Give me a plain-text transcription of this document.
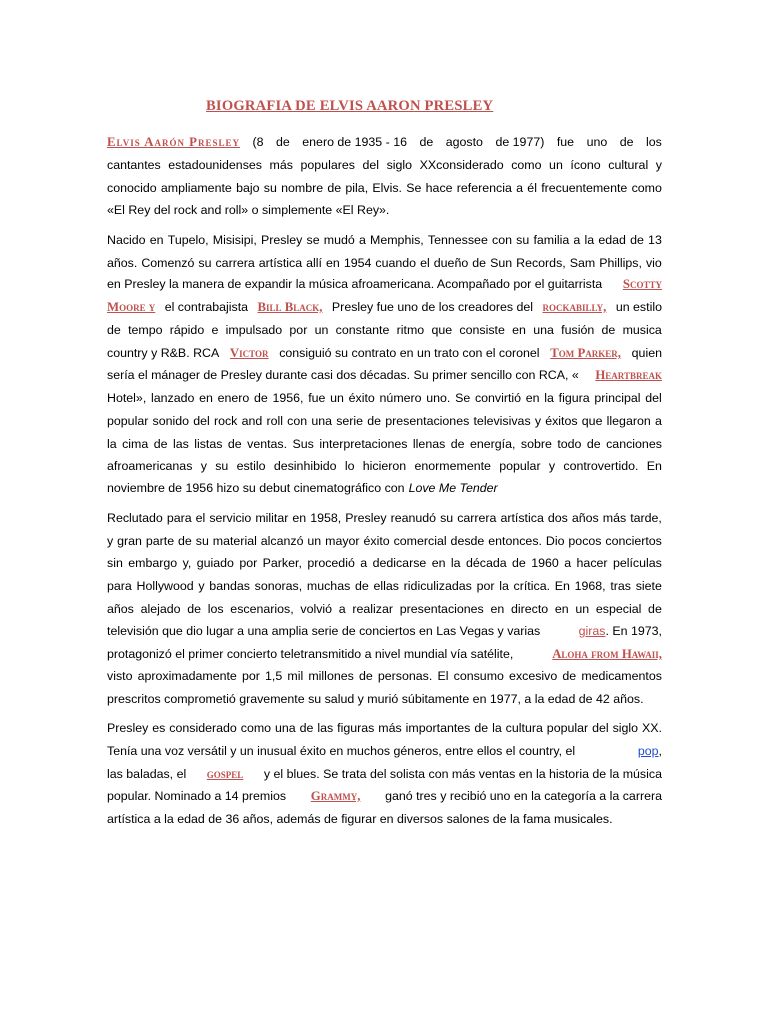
BIOGRAFIA DE ELVIS AARON PRESLEY
Elvis Aarón Presley (8 de enero de 1935 - 16 de agosto de 1977) fue uno de los
cantantes estadounidenses más populares del siglo XXconsiderado como un ícono cultural y
conocido ampliamente bajo su nombre de pila, Elvis. Se hace referencia a él frecuentemente como
«El Rey del rock and roll» o simplemente «El Rey».
Nacido en Tupelo, Misisipi, Presley se mudó a Memphis, Tennessee con su familia a la edad de 13
años. Comenzó su carrera artística allí en 1954 cuando el dueño de Sun Records, Sam Phillips, vio
en Presley la manera de expandir la música afroamericana. Acompañado por el guitarrista Scotty
Moore y el contrabajista Bill Black, Presley fue uno de los creadores del rockabilly, un estilo
de tempo rápido e impulsado por un constante ritmo que consiste en una fusión de musica
country y R&B. RCA Victor consiguió su contrato en un trato con el coronel Tom Parker, quien
sería el mánager de Presley durante casi dos décadas. Su primer sencillo con RCA, « Heartbreak
Hotel», lanzado en enero de 1956, fue un éxito número uno. Se convirtió en la figura principal del
popular sonido del rock and roll con una serie de presentaciones televisivas y éxitos que llegaron a
la cima de las listas de ventas. Sus interpretaciones llenas de energía, sobre todo de canciones
afroamericanas y su estilo desinhibido lo hicieron enormemente popular y controvertido. En
noviembre de 1956 hizo su debut cinematográfico con Love Me Tender
Reclutado para el servicio militar en 1958, Presley reanudó su carrera artística dos años más tarde,
y gran parte de su material alcanzó un mayor éxito comercial desde entonces. Dio pocos conciertos
sin embargo y, guiado por Parker, procedió a dedicarse en la década de 1960 a hacer películas
para Hollywood y bandas sonoras, muchas de ellas ridiculizadas por la crítica. En 1968, tras siete
años alejado de los escenarios, volvió a realizar presentaciones en directo en un especial de
televisión que dio lugar a una amplia serie de conciertos en Las Vegas y varias	giras . En 1973,
protagonizó el primer concierto teletransmitido a nivel mundial vía satélite,	Aloha from Hawaii,
visto aproximadamente por 1,5 mil millones de personas. El consumo excesivo de medicamentos
prescritos comprometió gravemente su salud y murió súbitamente en 1977, a la edad de 42 años.
Presley es considerado como una de las figuras más importantes de la cultura popular del siglo XX.
Tenía una voz versátil y un inusual éxito en muchos géneros, entre ellos el country, el	pop ,
las baladas, el gospel y el blues. Se trata del solista con más ventas en la historia de la música
popular. Nominado a 14 premios Grammy, ganó tres y recibió uno en la categoría a la carrera
artística a la edad de 36 años, además de figurar en diversos salones de la fama musicales.
